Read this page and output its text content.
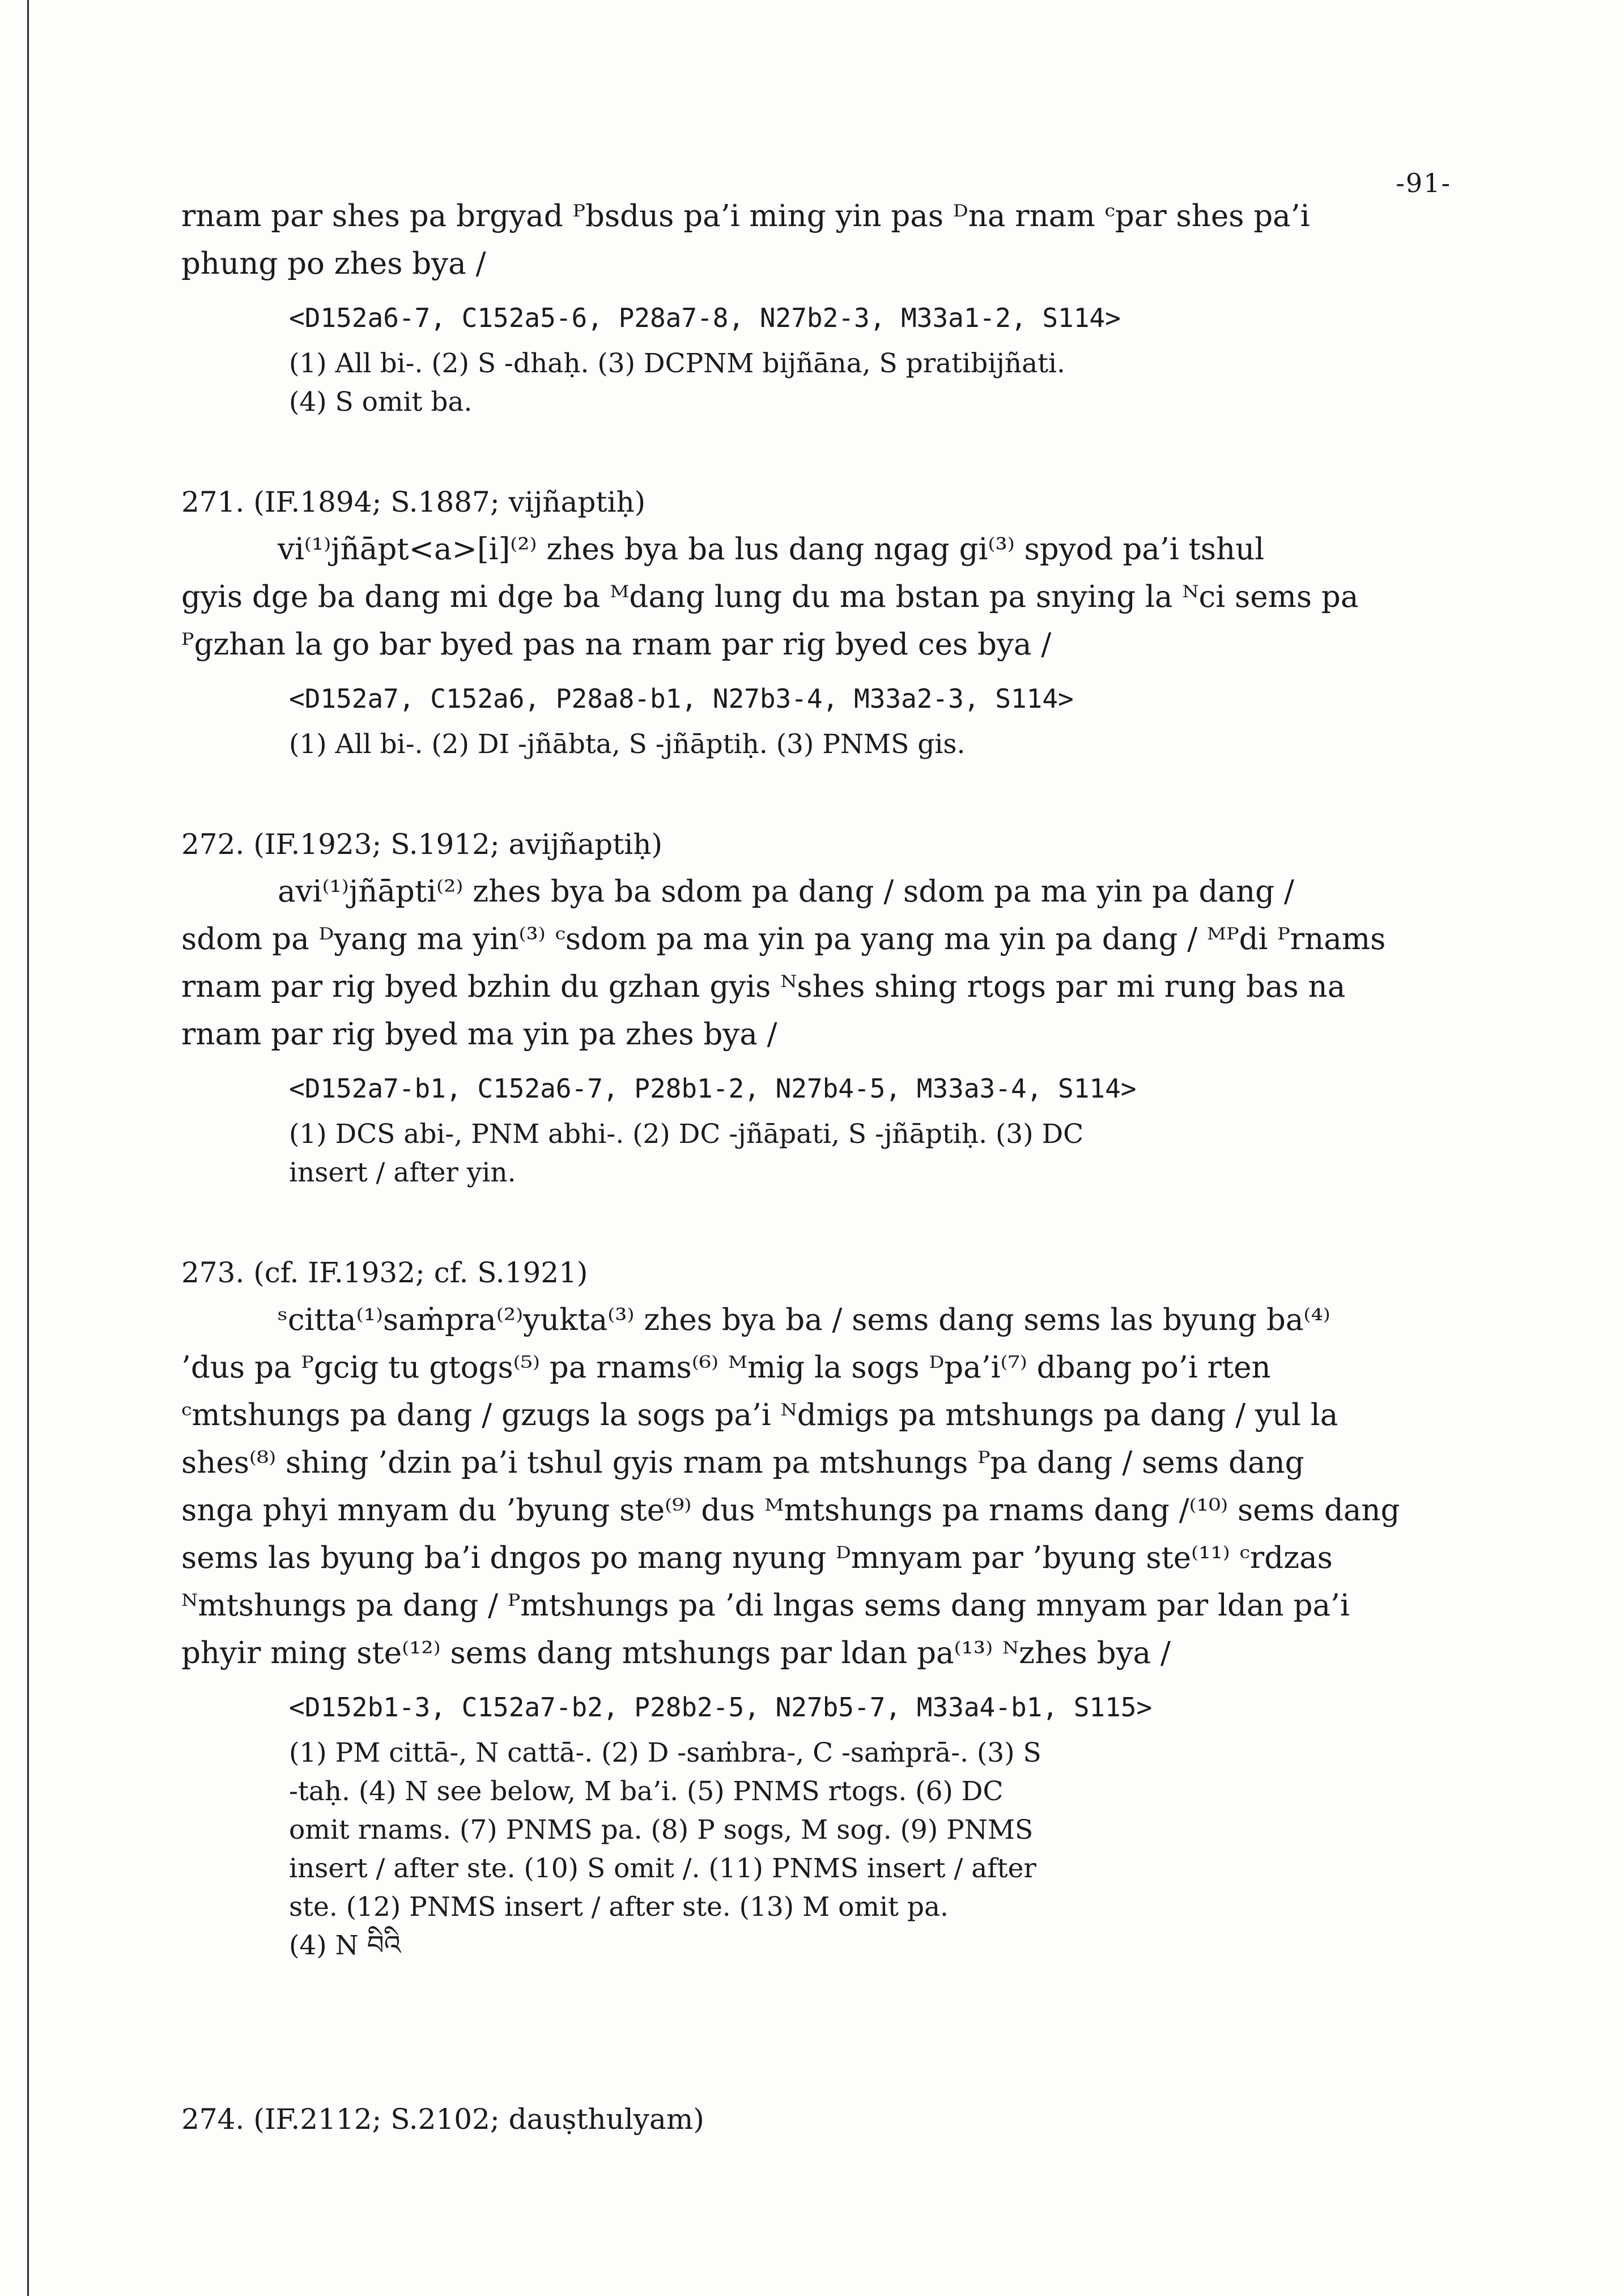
-91-
rnam par shes pa brgyad ᴾbsdus pa’i ming yin pas ᴰna rnam ᶜpar shes pa’i
phung po zhes bya /
<D152a6-7, C152a5-6, P28a7-8, N27b2-3, M33a1-2, S114>
(1) All bi-. (2) S -dhaḥ. (3) DCPNM bijñāna, S pratibijñati.
(4) S omit ba.
271. (IF.1894; S.1887; vijñaptiḥ)
vi⁽¹⁾jñāpt<a>[i]⁽²⁾ zhes bya ba lus dang ngag gi⁽³⁾ spyod pa’i tshul
gyis dge ba dang mi dge ba ᴹdang lung du ma bstan pa snying la ᴺci sems pa
ᴾgzhan la go bar byed pas na rnam par rig byed ces bya /
<D152a7, C152a6, P28a8-b1, N27b3-4, M33a2-3, S114>
(1) All bi-. (2) DI -jñābta, S -jñāptiḥ. (3) PNMS gis.
272. (IF.1923; S.1912; avijñaptiḥ)
avi⁽¹⁾jñāpti⁽²⁾ zhes bya ba sdom pa dang / sdom pa ma yin pa dang /
sdom pa ᴰyang ma yin⁽³⁾ ᶜsdom pa ma yin pa yang ma yin pa dang / ᴹᴾdi ᴾrnams
rnam par rig byed bzhin du gzhan gyis ᴺshes shing rtogs par mi rung bas na
rnam par rig byed ma yin pa zhes bya /
<D152a7-b1, C152a6-7, P28b1-2, N27b4-5, M33a3-4, S114>
(1) DCS abi-, PNM abhi-. (2) DC -jñāpati, S -jñāptiḥ. (3) DC
insert / after yin.
273. (cf. IF.1932; cf. S.1921)
ˢcitta⁽¹⁾saṁpra⁽²⁾yukta⁽³⁾ zhes bya ba / sems dang sems las byung ba⁽⁴⁾
’dus pa ᴾgcig tu gtogs⁽⁵⁾ pa rnams⁽⁶⁾ ᴹmig la sogs ᴰpa’i⁽⁷⁾ dbang po’i rten
ᶜmtshungs pa dang / gzugs la sogs pa’i ᴺdmigs pa mtshungs pa dang / yul la
shes⁽⁸⁾ shing ’dzin pa’i tshul gyis rnam pa mtshungs ᴾpa dang / sems dang
snga phyi mnyam du ’byung ste⁽⁹⁾ dus ᴹmtshungs pa rnams dang /⁽¹⁰⁾ sems dang
sems las byung ba’i dngos po mang nyung ᴰmnyam par ’byung ste⁽¹¹⁾ ᶜrdzas
ᴺmtshungs pa dang / ᴾmtshungs pa ’di lngas sems dang mnyam par ldan pa’i
phyir ming ste⁽¹²⁾ sems dang mtshungs par ldan pa⁽¹³⁾ ᴺzhes bya /
<D152b1-3, C152a7-b2, P28b2-5, N27b5-7, M33a4-b1, S115>
(1) PM cittā-, N cattā-. (2) D -saṁbra-, C -saṁprā-. (3) S
-taḥ. (4) N see below, M ba’i. (5) PNMS rtogs. (6) DC
omit rnams. (7) PNMS pa. (8) P sogs, M sog. (9) PNMS
insert / after ste. (10) S omit /. (11) PNMS insert / after
ste. (12) PNMS insert / after ste. (13) M omit pa.
(4) N བིའི
274. (IF.2112; S.2102; dauṣthulyam)
